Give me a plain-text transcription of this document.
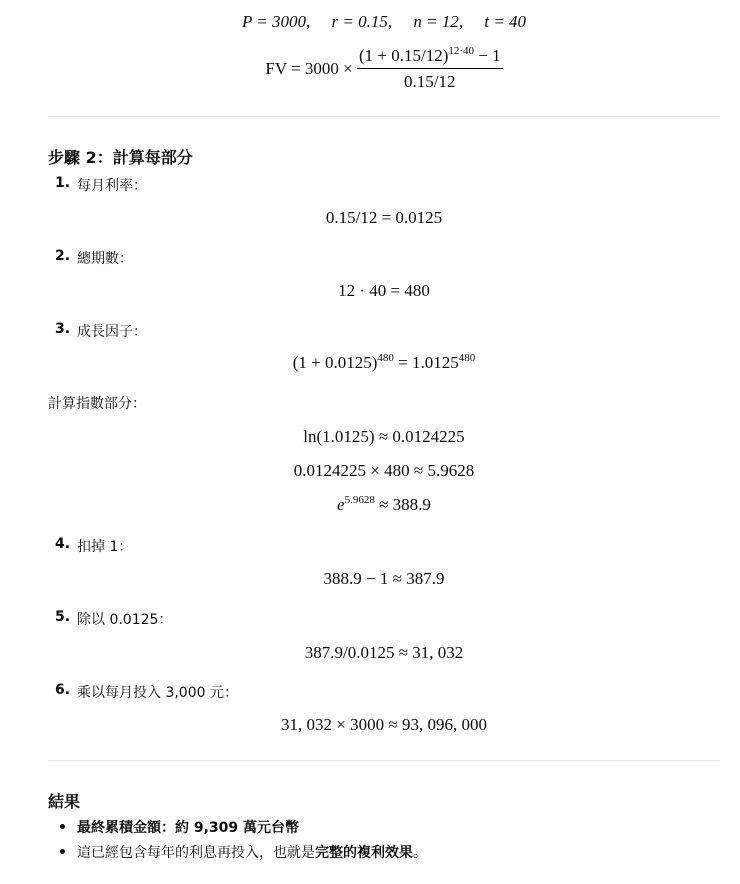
P = 3000, r = 0.15, n = 12, t = 40
FV = $3000 \times \frac{(1 + 0.15/12)^{12\cdot 40} - 1}{0.15/12}$
步驟 2：計算每部分
1. 每月利率：
0.15/12 = 0.0125
2. 總期數：
12 · 40 = 480
3. 成長因子：
$(1 + 0.0125)^{480} = 1.0125^{480}$
計算指數部分：
ln(1.0125) ≈ 0.0124225
0.0124225 × 480 ≈ 5.9628
$e^{5.9628} \approx 388.9$
4. 扣掉 1：
388.9 − 1 ≈ 387.9
5. 除以 0.0125：
387.9/0.0125 ≈ 31, 032
6. 乘以每月投入 3,000 元：
31, 032 × 3000 ≈ 93, 096, 000
結果
最終累積金額：約 9,309 萬元台幣
這已經包含每年的利息再投入，也就是完整的複利效果。
